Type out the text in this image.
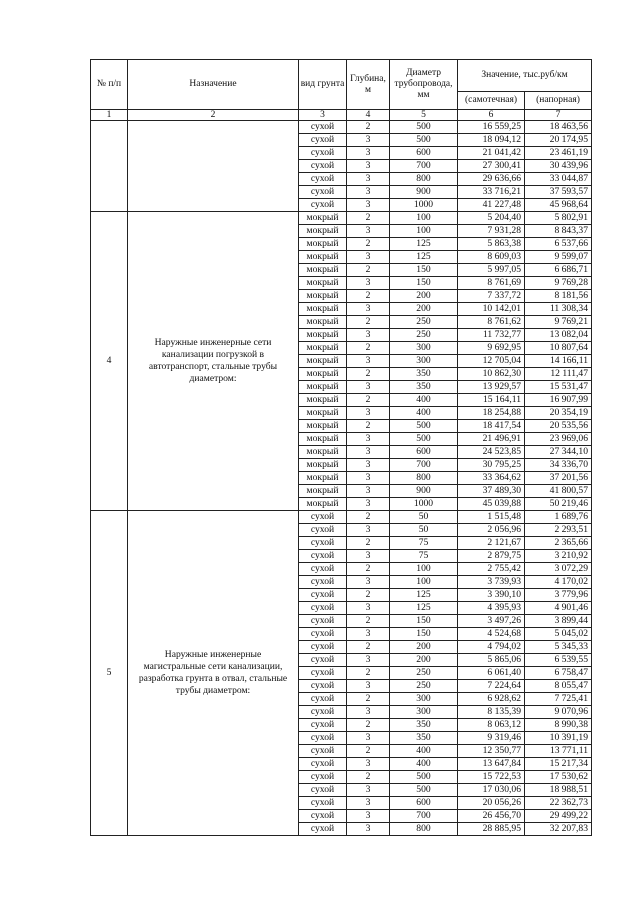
№ п/п	Назначение	вид грунта	Глубина, м	Диаметр трубопровода, мм	Значение, тыс.руб/км	
					(самотечная)	(напорная)
1	2	3	4	5	6	7
		сухой	2	500	16 559,25	18 463,56
		сухой	3	500	18 094,12	20 174,95
		сухой	3	600	21 041,42	23 461,19
		сухой	3	700	27 300,41	30 439,96
		сухой	3	800	29 636,66	33 044,87
		сухой	3	900	33 716,21	37 593,57
		сухой	3	1000	41 227,48	45 968,64
4	Наружные инженерные сети канализации погрузкой в автотранспорт, стальные трубы диаметром:	мокрый	2	100	5 204,40	5 802,91
		мокрый	3	100	7 931,28	8 843,37
		мокрый	2	125	5 863,38	6 537,66
		мокрый	3	125	8 609,03	9 599,07
		мокрый	2	150	5 997,05	6 686,71
		мокрый	3	150	8 761,69	9 769,28
		мокрый	2	200	7 337,72	8 181,56
		мокрый	3	200	10 142,01	11 308,34
		мокрый	2	250	8 761,62	9 769,21
		мокрый	3	250	11 732,77	13 082,04
		мокрый	2	300	9 692,95	10 807,64
		мокрый	3	300	12 705,04	14 166,11
		мокрый	2	350	10 862,30	12 111,47
		мокрый	3	350	13 929,57	15 531,47
		мокрый	2	400	15 164,11	16 907,99
		мокрый	3	400	18 254,88	20 354,19
		мокрый	2	500	18 417,54	20 535,56
		мокрый	3	500	21 496,91	23 969,06
		мокрый	3	600	24 523,85	27 344,10
		мокрый	3	700	30 795,25	34 336,70
		мокрый	3	800	33 364,62	37 201,56
		мокрый	3	900	37 489,30	41 800,57
		мокрый	3	1000	45 039,88	50 219,46
5	Наружные инженерные магистральные сети канализации, разработка грунта в отвал, стальные трубы диаметром:	сухой	2	50	1 515,48	1 689,76
		сухой	3	50	2 056,96	2 293,51
		сухой	2	75	2 121,67	2 365,66
		сухой	3	75	2 879,75	3 210,92
		сухой	2	100	2 755,42	3 072,29
		сухой	3	100	3 739,93	4 170,02
		сухой	2	125	3 390,10	3 779,96
		сухой	3	125	4 395,93	4 901,46
		сухой	2	150	3 497,26	3 899,44
		сухой	3	150	4 524,68	5 045,02
		сухой	2	200	4 794,02	5 345,33
		сухой	3	200	5 865,06	6 539,55
		сухой	2	250	6 061,40	6 758,47
		сухой	3	250	7 224,64	8 055,47
		сухой	2	300	6 928,62	7 725,41
		сухой	3	300	8 135,39	9 070,96
		сухой	2	350	8 063,12	8 990,38
		сухой	3	350	9 319,46	10 391,19
		сухой	2	400	12 350,77	13 771,11
		сухой	3	400	13 647,84	15 217,34
		сухой	2	500	15 722,53	17 530,62
		сухой	3	500	17 030,06	18 988,51
		сухой	3	600	20 056,26	22 362,73
		сухой	3	700	26 456,70	29 499,22
		сухой	3	800	28 885,95	32 207,83
